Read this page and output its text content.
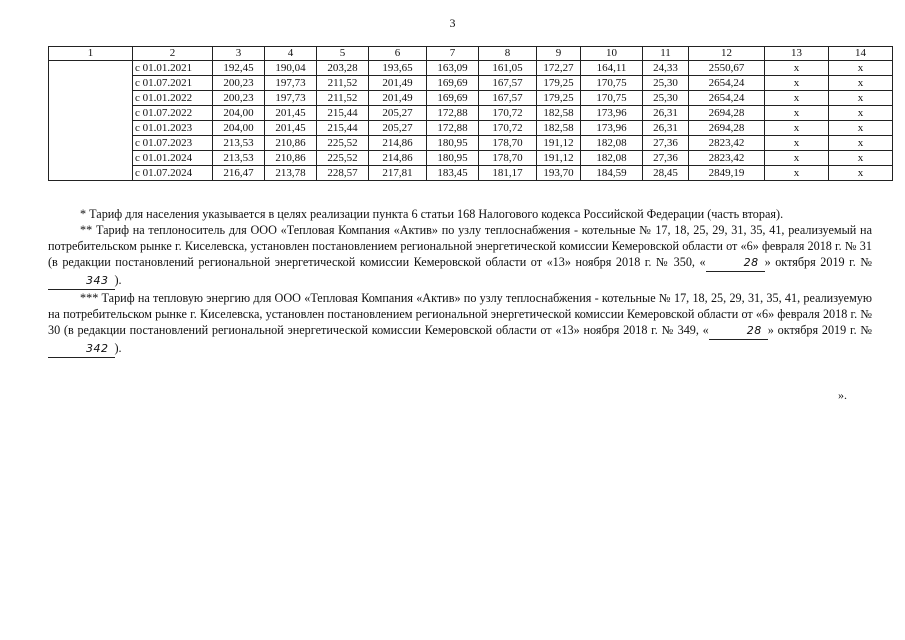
3
1	2	3	4	5	6	7	8	9	10	11	12	13	14
	с 01.01.2021	192,45	190,04	203,28	193,65	163,09	161,05	172,27	164,11	24,33	2550,67	x	x
	с 01.07.2021	200,23	197,73	211,52	201,49	169,69	167,57	179,25	170,75	25,30	2654,24	x	x
	с 01.01.2022	200,23	197,73	211,52	201,49	169,69	167,57	179,25	170,75	25,30	2654,24	x	x
	с 01.07.2022	204,00	201,45	215,44	205,27	172,88	170,72	182,58	173,96	26,31	2694,28	x	x
	с 01.01.2023	204,00	201,45	215,44	205,27	172,88	170,72	182,58	173,96	26,31	2694,28	x	x
	с 01.07.2023	213,53	210,86	225,52	214,86	180,95	178,70	191,12	182,08	27,36	2823,42	x	x
	с 01.01.2024	213,53	210,86	225,52	214,86	180,95	178,70	191,12	182,08	27,36	2823,42	x	x
	с 01.07.2024	216,47	213,78	228,57	217,81	183,45	181,17	193,70	184,59	28,45	2849,19	x	x

* Тариф для населения указывается в целях реализации пункта 6 статьи 168 Налогового кодекса Российской Федерации (часть вторая).

** Тариф на теплоноситель для ООО «Тепловая Компания «Актив» по узлу теплоснабжения - котельные № 17, 18, 25, 29, 31, 35, 41, реализуемый на потребительском рынке г. Киселевска, установлен постановлением региональной энергетической комиссии Кемеровской области от «6» февраля 2018 г. № 31 (в редакции постановлений региональной энергетической комиссии Кемеровской области от «13» ноября 2018 г. № 350, «	28 » октября 2019 г. № 343 ).

*** Тариф на тепловую энергию для ООО «Тепловая Компания «Актив» по узлу теплоснабжения - котельные № 17, 18, 25, 29, 31, 35, 41, реализуемую на потребительском рынке г. Киселевска, установлен постановлением региональной энергетической комиссии Кемеровской области от «6» февраля 2018 г. № 30 (в редакции постановлений региональной энергетической комиссии Кемеровской области от «13» ноября 2018 г. № 349, «	28 » октября 2019 г. № 342 ).

».
